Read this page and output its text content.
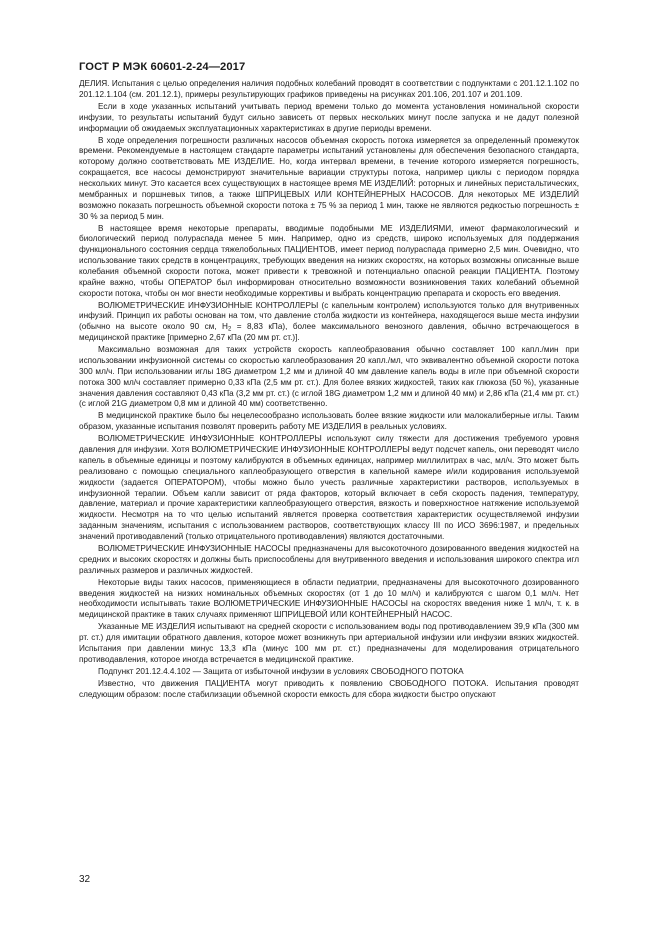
ГОСТ Р МЭК 60601-2-24—2017

ДЕЛИЯ. Испытания с целью определения наличия подобных колебаний проводят в соответствии с подпунктами с 201.12.1.102 по 201.12.1.104 (см. 201.12.1), примеры результирующих графиков приведены на рисунках 201.106, 201.107 и 201.109.

Если в ходе указанных испытаний учитывать период времени только до момента установления номинальной скорости инфузии, то результаты испытаний будут сильно зависеть от первых нескольких минут после запуска и не дадут полезной информации об ожидаемых эксплуатационных характеристиках в другие периоды времени.

В ходе определения погрешности различных насосов объемная скорость потока измеряется за определенный промежуток времени. Рекомендуемые в настоящем стандарте параметры испытаний установлены для обеспечения безопасного стандарта, которому должно соответствовать МЕ ИЗДЕЛИЕ. Но, когда интервал времени, в течение которого измеряется погрешность, сокращается, все насосы демонстрируют значительные вариации структуры потока, например циклы с периодом порядка нескольких минут. Это касается всех существующих в настоящее время МЕ ИЗДЕЛИЙ: роторных и линейных перистальтических, мембранных и поршневых типов, а также ШПРИЦЕВЫХ ИЛИ КОНТЕЙНЕРНЫХ НАСОСОВ. Для некоторых МЕ ИЗДЕЛИЙ возможно показать погрешность объемной скорости потока ± 75 % за период 1 мин, также не являются редкостью погрешность ± 30 % за период 5 мин.

В настоящее время некоторые препараты, вводимые подобными МЕ ИЗДЕЛИЯМИ, имеют фармакологический и биологический период полураспада менее 5 мин. Например, одно из средств, широко используемых для поддержания функционального состояния сердца тяжелобольных ПАЦИЕНТОВ, имеет период полураспада примерно 2,5 мин. Очевидно, что использование таких средств в концентрациях, требующих введения на низких скоростях, на которых возможны описанные выше колебания объемной скорости потока, может привести к тревожной и потенциально опасной реакции ПАЦИЕНТА. Поэтому крайне важно, чтобы ОПЕРАТОР был информирован относительно возможности возникновения таких колебаний объемной скорости потока, чтобы он мог внести необходимые коррективы и выбрать концентрацию препарата и скорость его введения.

ВОЛЮМЕТРИЧЕСКИЕ ИНФУЗИОННЫЕ КОНТРОЛЛЕРЫ (с капельным контролем) используются только для внутривенных инфузий. Принцип их работы основан на том, что давление столба жидкости из контейнера, находящегося выше места инфузии (обычно на высоте около 90 см, $H_2 = 8,83$ кПа), более максимального венозного давления, обычно встречающегося в медицинской практике [примерно 2,67 кПа (20 мм рт. ст.)].

Максимально возможная для таких устройств скорость каплеобразования обычно составляет 100 капл./мин при использовании инфузионной системы со скоростью каплеобразования 20 капл./мл, что эквивалентно объемной скорости потока 300 мл/ч. При использовании иглы 18G диаметром 1,2 мм и длиной 40 мм давление капель воды в игле при объемной скорости потока 300 мл/ч составляет примерно 0,33 кПа (2,5 мм рт. ст.). Для более вязких жидкостей, таких как глюкоза (50 %), указанные значения давления составляют 0,43 кПа (3,2 мм рт. ст.) (с иглой 18G диаметром 1,2 мм и длиной 40 мм) и 2,86 кПа (21,4 мм рт. ст.) (с иглой 21G диаметром 0,8 мм и длиной 40 мм) соответственно.

В медицинской практике было бы нецелесообразно использовать более вязкие жидкости или малокалиберные иглы. Таким образом, указанные испытания позволят проверить работу МЕ ИЗДЕЛИЯ в реальных условиях.

ВОЛЮМЕТРИЧЕСКИЕ ИНФУЗИОННЫЕ КОНТРОЛЛЕРЫ используют силу тяжести для достижения требуемого уровня давления для инфузии. Хотя ВОЛЮМЕТРИЧЕСКИЕ ИНФУЗИОННЫЕ КОНТРОЛЛЕРЫ ведут подсчет капель, они переводят число капель в объемные единицы и поэтому калибруются в объемных единицах, например миллилитрах в час, мл/ч. Это может быть реализовано с помощью специального каплеобразующего отверстия в капельной камере и/или кодирования используемой жидкости (задается ОПЕРАТОРОМ), чтобы можно было учесть различные характеристики растворов, используемых в инфузионной терапии. Объем капли зависит от ряда факторов, который включает в себя скорость падения, температуру, давление, материал и прочие характеристики каплеобразующего отверстия, вязкость и поверхностное натяжение используемой жидкости. Несмотря на то что целью испытаний является проверка соответствия характеристик осуществляемой инфузии заданным значениям, испытания с использованием растворов, соответствующих классу III по ИСО 3696:1987, и предельных значений противодавлений (только отрицательного противодавления) являются достаточными.

ВОЛЮМЕТРИЧЕСКИЕ ИНФУЗИОННЫЕ НАСОСЫ предназначены для высокоточного дозированного введения жидкостей на средних и высоких скоростях и должны быть приспособлены для внутривенного введения и использования широкого спектра игл различных размеров и различных жидкостей.

Некоторые виды таких насосов, применяющиеся в области педиатрии, предназначены для высокоточного дозированного введения жидкостей на низких номинальных объемных скоростях (от 1 до 10 мл/ч) и калибруются с шагом 0,1 мл/ч. Нет необходимости испытывать такие ВОЛЮМЕТРИЧЕСКИЕ ИНФУЗИОННЫЕ НАСОСЫ на скоростях введения ниже 1 мл/ч, т. к. в медицинской практике в таких случаях применяют ШПРИЦЕВОЙ ИЛИ КОНТЕЙНЕРНЫЙ НАСОС.

Указанные МЕ ИЗДЕЛИЯ испытывают на средней скорости с использованием воды под противодавлением 39,9 кПа (300 мм рт. ст.) для имитации обратного давления, которое может возникнуть при артериальной инфузии или инфузии вязких жидкостей. Испытания при давлении минус 13,3 кПа (минус 100 мм рт. ст.) предназначены для моделирования отрицательного противодавления, которое иногда встречается в медицинской практике.

Подпункт 201.12.4.4.102 — Защита от избыточной инфузии в условиях СВОБОДНОГО ПОТОКА

Известно, что движения ПАЦИЕНТА могут приводить к появлению СВОБОДНОГО ПОТОКА. Испытания проводят следующим образом: после стабилизации объемной скорости емкость для сбора жидкости быстро опускают

32
